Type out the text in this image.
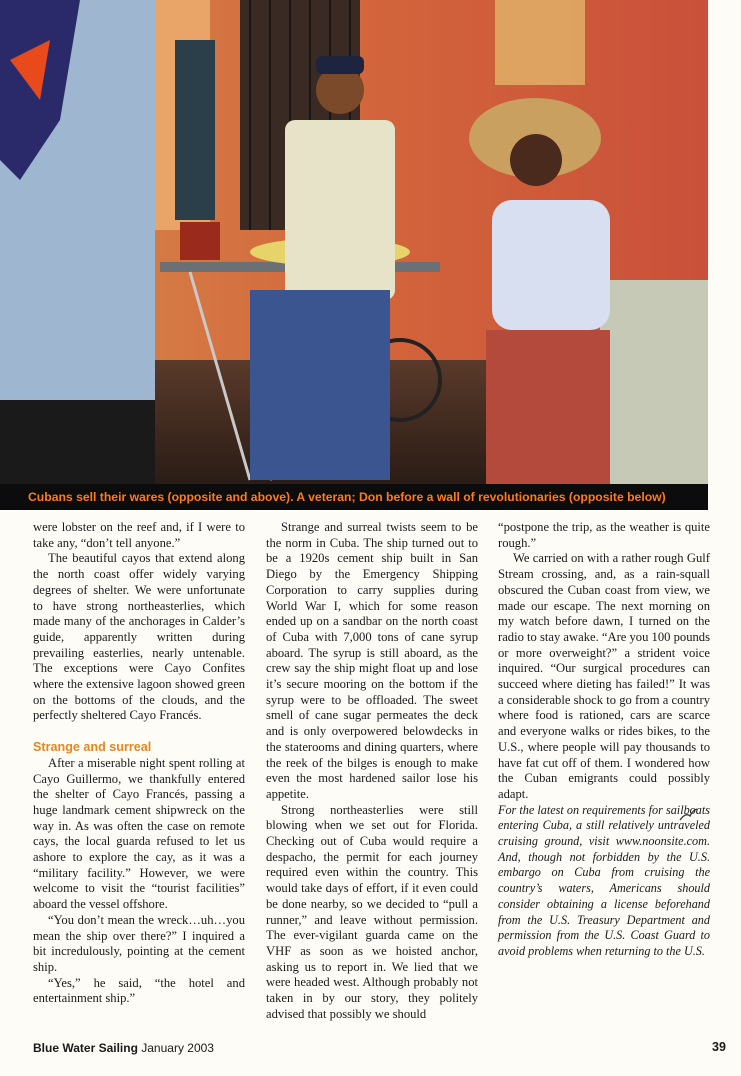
Cubans sell their wares (opposite and above). A veteran; Don before a wall of revolutionaries (opposite below)

were lobster on the reef and, if I were to take any, “don’t tell anyone.”

The beautiful cayos that extend along the north coast offer widely varying degrees of shelter. We were unfortunate to have strong northeasterlies, which made many of the anchorages in Calder’s guide, apparently written during prevailing easterlies, nearly untenable. The exceptions were Cayo Confites where the extensive lagoon showed green on the bottoms of the clouds, and the perfectly sheltered Cayo Francés.

Strange and surreal

After a miserable night spent rolling at Cayo Guillermo, we thankfully entered the shelter of Cayo Francés, passing a huge landmark cement shipwreck on the way in. As was often the case on remote cays, the local guarda refused to let us ashore to explore the cay, as it was a “military facility.” However, we were welcome to visit the “tourist facilities” aboard the vessel offshore.

“You don’t mean the wreck…uh…you mean the ship over there?” I inquired a bit incredulously, pointing at the cement ship.

“Yes,” he said, “the hotel and entertainment ship.”

Strange and surreal twists seem to be the norm in Cuba. The ship turned out to be a 1920s cement ship built in San Diego by the Emergency Shipping Corporation to carry supplies during World War I, which for some reason ended up on a sandbar on the north coast of Cuba with 7,000 tons of cane syrup aboard. The syrup is still aboard, as the crew say the ship might float up and lose it’s secure mooring on the bottom if the syrup were to be offloaded. The sweet smell of cane sugar permeates the deck and is only overpowered belowdecks in the staterooms and dining quarters, where the reek of the bilges is enough to make even the most hardened sailor lose his appetite.

Strong northeasterlies were still blowing when we set out for Florida. Checking out of Cuba would require a despacho, the permit for each journey required even within the country. This would take days of effort, if it even could be done nearby, so we decided to “pull a runner,” and leave without permission. The ever-vigilant guarda came on the VHF as soon as we hoisted anchor, asking us to report in. We lied that we were headed west. Although probably not taken in by our story, they politely advised that possibly we should

“postpone the trip, as the weather is quite rough.”

We carried on with a rather rough Gulf Stream crossing, and, as a rain-squall obscured the Cuban coast from view, we made our escape. The next morning on my watch before dawn, I turned on the radio to stay awake. “Are you 100 pounds or more overweight?” a strident voice inquired. “Our surgical procedures can succeed where dieting has failed!” It was a considerable shock to go from a country where food is rationed, cars are scarce and everyone walks or rides bikes, to the U.S., where people will pay thousands to have fat cut off of them. I wondered how the Cuban emigrants could possibly adapt.

For the latest on requirements for sailboats entering Cuba, a still relatively untraveled cruising ground, visit www.noonsite.com. And, though not forbidden by the U.S. embargo on Cuba from cruising the country’s waters, Americans should consider obtaining a license beforehand from the U.S. Treasury Department and permission from the U.S. Coast Guard to avoid problems when returning to the U.S.

Blue Water Sailing January 2003	39
